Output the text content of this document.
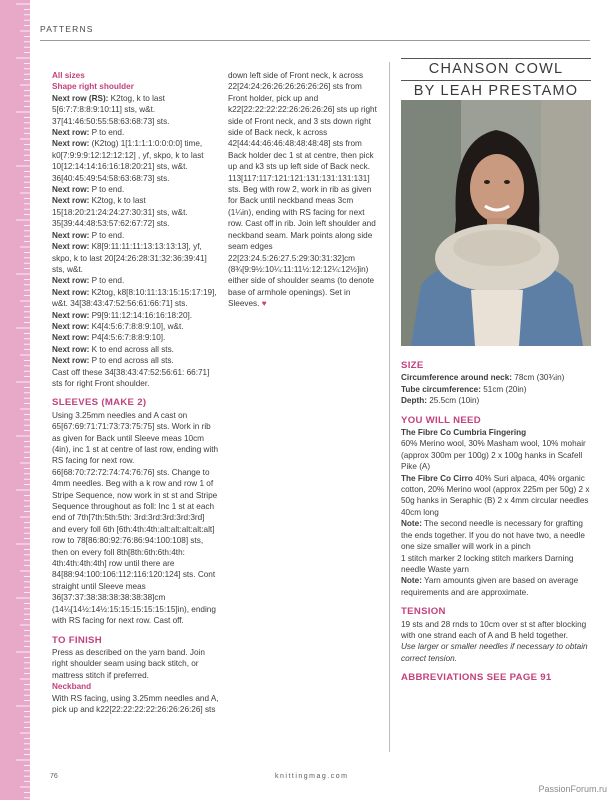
PATTERNS
All sizes
Shape right shoulder

Next row (RS): K2tog, k to last 5[6:7:7:8:8:9:10:11] sts, w&t. 37[41:46:50:55:58:63:68:73] sts.

Next row: P to end.

Next row: (K2tog) 1[1:1:1:1:0:0:0:0] time, k0[7:9:9:9:12:12:12:12] , yf, skpo, k to last 10[12:14:14:16:16:18:20:21] sts, w&t. 36[40:45:49:54:58:63:68:73] sts.

Next row: P to end.

Next row: K2tog, k to last 15[18:20:21:24:24:27:30:31] sts, w&t. 35[39:44:48:53:57:62:67:72] sts.

Next row: P to end.

Next row: K8[9:11:11:11:13:13:13:13], yf, skpo, k to last 20[24:26:28:31:32:36:39:41] sts, w&t.

Next row: P to end.

Next row: K2tog, k8[8:10:11:13:15:15:17:19], w&t. 34[38:43:47:52:56:61:66:71] sts.

Next row: P9[9:11:12:14:16:16:18:20].

Next row: K4[4:5:6:7:8:8:9:10], w&t.

Next row: P4[4:5:6:7:8:8:9:10].

Next row: K to end across all sts.

Next row: P to end across all sts.

Cast off these 34[38:43:47:52:56:61: 66:71] sts for right Front shoulder.

SLEEVES (MAKE 2)

Using 3.25mm needles and A cast on 65[67:69:71:71:73:73:75:75] sts. Work in rib as given for Back until Sleeve meas 10cm (4in), inc 1 st at centre of last row, ending with RS facing for next row. 66[68:70:72:72:74:74:76:76] sts. Change to 4mm needles. Beg with a k row and row 1 of Stripe Sequence, now work in st st and Stripe Sequence throughout as foll: Inc 1 st at each end of 7th[7th:5th:5th: 3rd:3rd:3rd:3rd:3rd] and every foll 6th [6th:4th:4th:alt:alt:alt:alt:alt] row to 78[86:80:92:76:86:94:100:108] sts, then on every foll 8th[8th:6th:6th:4th: 4th:4th:4th:4th] row until there are 84[88:94:100:106:112:116:120:124] sts. Cont straight until Sleeve meas 36[37:37:38:38:38:38:38:38]cm (14¼[14½:14½:15:15:15:15:15:15]in), ending with RS facing for next row. Cast off.

TO FINISH

Press as described on the yarn band. Join right shoulder seam using back stitch, or mattress stitch if preferred.

Neckband

With RS facing, using 3.25mm needles and A, pick up and k22[22:22:22:22:26:26:26:26] sts

down left side of Front neck, k across 22[24:24:26:26:26:26:26:26] sts from Front holder, pick up and k22[22:22:22:22:26:26:26:26] sts up right side of Front neck, and 3 sts down right side of Back neck, k across 42[44:44:46:46:48:48:48:48] sts from Back holder dec 1 st at centre, then pick up and k3 sts up left side of Back neck. 113[117:117:121:121:131:131:131:131] sts. Beg with row 2, work in rib as given for Back until neckband meas 3cm (1¼in), ending with RS facing for next row. Cast off in rib. Join left shoulder and neckband seam. Mark points along side seam edges 22[23:24.5:26:27.5:29:30:31:32]cm (8¾[9:9½:10¼:11:11½:12:12¼:12½]in) either side of shoulder seams (to denote base of armhole openings). Set in Sleeves. ♥

CHANSON COWL
BY LEAH PRESTAMO
SIZE

Circumference around neck: 78cm (30¾in)

Tube circumference: 51cm (20in)

Depth: 25.5cm (10in)

YOU WILL NEED

The Fibre Co Cumbria Fingering

60% Merino wool, 30% Masham wool, 10% mohair (approx 300m per 100g) 2 x 100g hanks in Scafell Pike (A)

The Fibre Co Cirro 40% Suri alpaca, 40% organic cotton, 20% Merino wool (approx 225m per 50g) 2 x 50g hanks in Seraphic (B) 2 x 4mm circular needles 40cm long

Note: The second needle is necessary for grafting the ends together. If you do not have two, a needle one size smaller will work in a pinch

1 stitch marker 2 locking stitch markers Darning needle Waste yarn

Note: Yarn amounts given are based on average requirements and are approximate.

TENSION

19 sts and 28 rnds to 10cm over st st after blocking with one strand each of A and B held together.

Use larger or smaller needles if necessary to obtain correct tension.

ABBREVIATIONS SEE PAGE 91
76	knittingmag.com
PassionForum.ru
